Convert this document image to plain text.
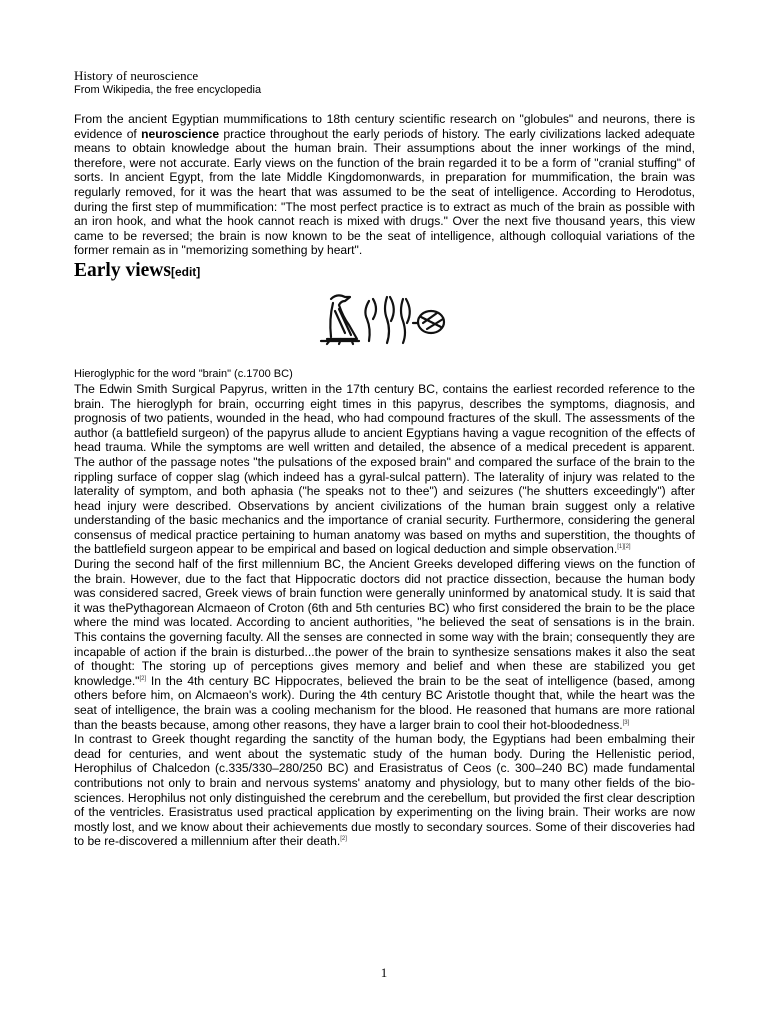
History of neuroscience

From Wikipedia, the free encyclopedia

From the ancient Egyptian mummifications to 18th century scientific research on "globules" and neurons, there is evidence of neuroscience practice throughout the early periods of history. The early civilizations lacked adequate means to obtain knowledge about the human brain. Their assumptions about the inner workings of the mind, therefore, were not accurate. Early views on the function of the brain regarded it to be a form of "cranial stuffing" of sorts. In ancient Egypt, from the late Middle Kingdomonwards, in preparation for mummification, the brain was regularly removed, for it was the heart that was assumed to be the seat of intelligence. According to Herodotus, during the first step of mummification: "The most perfect practice is to extract as much of the brain as possible with an iron hook, and what the hook cannot reach is mixed with drugs." Over the next five thousand years, this view came to be reversed; the brain is now known to be the seat of intelligence, although colloquial variations of the former remain as in "memorizing something by heart".

Early views[edit]

Hieroglyphic for the word "brain" (c.1700 BC)

The Edwin Smith Surgical Papyrus, written in the 17th century BC, contains the earliest recorded reference to the brain. The hieroglyph for brain, occurring eight times in this papyrus, describes the symptoms, diagnosis, and prognosis of two patients, wounded in the head, who had compound fractures of the skull. The assessments of the author (a battlefield surgeon) of the papyrus allude to ancient Egyptians having a vague recognition of the effects of head trauma. While the symptoms are well written and detailed, the absence of a medical precedent is apparent. The author of the passage notes "the pulsations of the exposed brain" and compared the surface of the brain to the rippling surface of copper slag (which indeed has a gyral-sulcal pattern). The laterality of injury was related to the laterality of symptom, and both aphasia ("he speaks not to thee") and seizures ("he shutters exceedingly") after head injury were described. Observations by ancient civilizations of the human brain suggest only a relative understanding of the basic mechanics and the importance of cranial security. Furthermore, considering the general consensus of medical practice pertaining to human anatomy was based on myths and superstition, the thoughts of the battlefield surgeon appear to be empirical and based on logical deduction and simple observation.[1][2]

During the second half of the first millennium BC, the Ancient Greeks developed differing views on the function of the brain. However, due to the fact that Hippocratic doctors did not practice dissection, because the human body was considered sacred, Greek views of brain function were generally uninformed by anatomical study. It is said that it was thePythagorean Alcmaeon of Croton (6th and 5th centuries BC) who first considered the brain to be the place where the mind was located. According to ancient authorities, "he believed the seat of sensations is in the brain. This contains the governing faculty. All the senses are connected in some way with the brain; consequently they are incapable of action if the brain is disturbed...the power of the brain to synthesize sensations makes it also the seat of thought: The storing up of perceptions gives memory and belief and when these are stabilized you get knowledge."[2] In the 4th century BC Hippocrates, believed the brain to be the seat of intelligence (based, among others before him, on Alcmaeon's work). During the 4th century BC Aristotle thought that, while the heart was the seat of intelligence, the brain was a cooling mechanism for the blood. He reasoned that humans are more rational than the beasts because, among other reasons, they have a larger brain to cool their hot-bloodedness.[3]

In contrast to Greek thought regarding the sanctity of the human body, the Egyptians had been embalming their dead for centuries, and went about the systematic study of the human body. During the Hellenistic period, Herophilus of Chalcedon (c.335/330–280/250 BC) and Erasistratus of Ceos (c. 300–240 BC) made fundamental contributions not only to brain and nervous systems' anatomy and physiology, but to many other fields of the bio-sciences. Herophilus not only distinguished the cerebrum and the cerebellum, but provided the first clear description of the ventricles. Erasistratus used practical application by experimenting on the living brain. Their works are now mostly lost, and we know about their achievements due mostly to secondary sources. Some of their discoveries had to be re-discovered a millennium after their death.[2]

1
